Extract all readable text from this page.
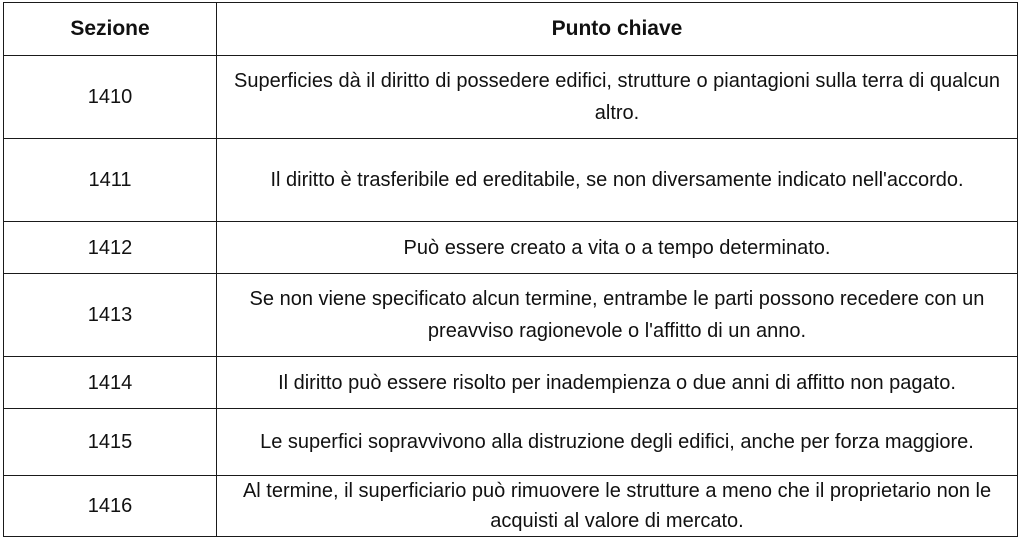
Sezione	Punto chiave
1410	Superficies dà il diritto di possedere edifici, strutture o piantagioni sulla terra di qualcun altro.
1411	Il diritto è trasferibile ed ereditabile, se non diversamente indicato nell'accordo.
1412	Può essere creato a vita o a tempo determinato.
1413	Se non viene specificato alcun termine, entrambe le parti possono recedere con un preavviso ragionevole o l'affitto di un anno.
1414	Il diritto può essere risolto per inadempienza o due anni di affitto non pagato.
1415	Le superfici sopravvivono alla distruzione degli edifici, anche per forza maggiore.
1416	Al termine, il superficiario può rimuovere le strutture a meno che il proprietario non le acquisti al valore di mercato.
